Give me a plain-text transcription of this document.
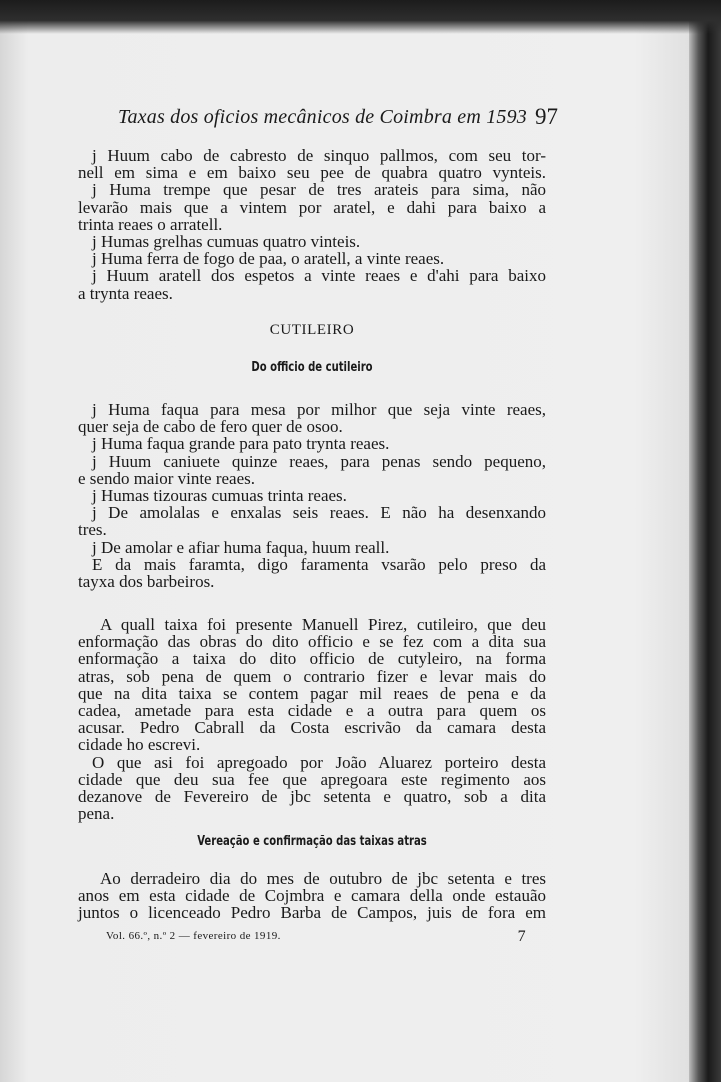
Taxas dos oficios mecânicos de Coimbra em 1593 97
j Huum cabo de cabresto de sinquo pallmos, com seu tor-
nell em sima e em baixo seu pee de quabra quatro vynteis.
j Huma trempe que pesar de tres arateis para sima, não
levarão mais que a vintem por aratel, e dahi para baixo a
trinta reaes o arratell.
j Humas grelhas cumuas quatro vinteis.
j Huma ferra de fogo de paa, o aratell, a vinte reaes.
j Huum aratell dos espetos a vinte reaes e d'ahi para baixo
a trynta reaes.
CUTILEIRO
Do officio de cutileiro
j Huma faqua para mesa por milhor que seja vinte reaes,
quer seja de cabo de fero quer de osoo.
j Huma faqua grande para pato trynta reaes.
j Huum caniuete quinze reaes, para penas sendo pequeno,
e sendo maior vinte reaes.
j Humas tizouras cumuas trinta reaes.
j De amolalas e enxalas seis reaes. E não ha desenxando
tres.
j De amolar e afiar huma faqua, huum reall.
E da mais faramta, digo faramenta vsarão pelo preso da
tayxa dos barbeiros.
A quall taixa foi presente Manuell Pirez, cutileiro, que deu
enformação das obras do dito officio e se fez com a dita sua
enformação a taixa do dito officio de cutyleiro, na forma
atras, sob pena de quem o contrario fizer e levar mais do
que na dita taixa se contem pagar mil reaes de pena e da
cadea, ametade para esta cidade e a outra para quem os
acusar. Pedro Cabrall da Costa escrivão da camara desta
cidade ho escrevi.
O que asi foi apregoado por João Aluarez porteiro desta
cidade que deu sua fee que apregoara este regimento aos
dezanove de Fevereiro de jbc setenta e quatro, sob a dita
pena.
Vereação e confirmação das taixas atras
Ao derradeiro dia do mes de outubro de jbc setenta e tres
anos em esta cidade de Cojmbra e camara della onde estauão
juntos o licenceado Pedro Barba de Campos, juis de fora em
Vol. 66.º, n.º 2 — fevereiro de 1919.	7
